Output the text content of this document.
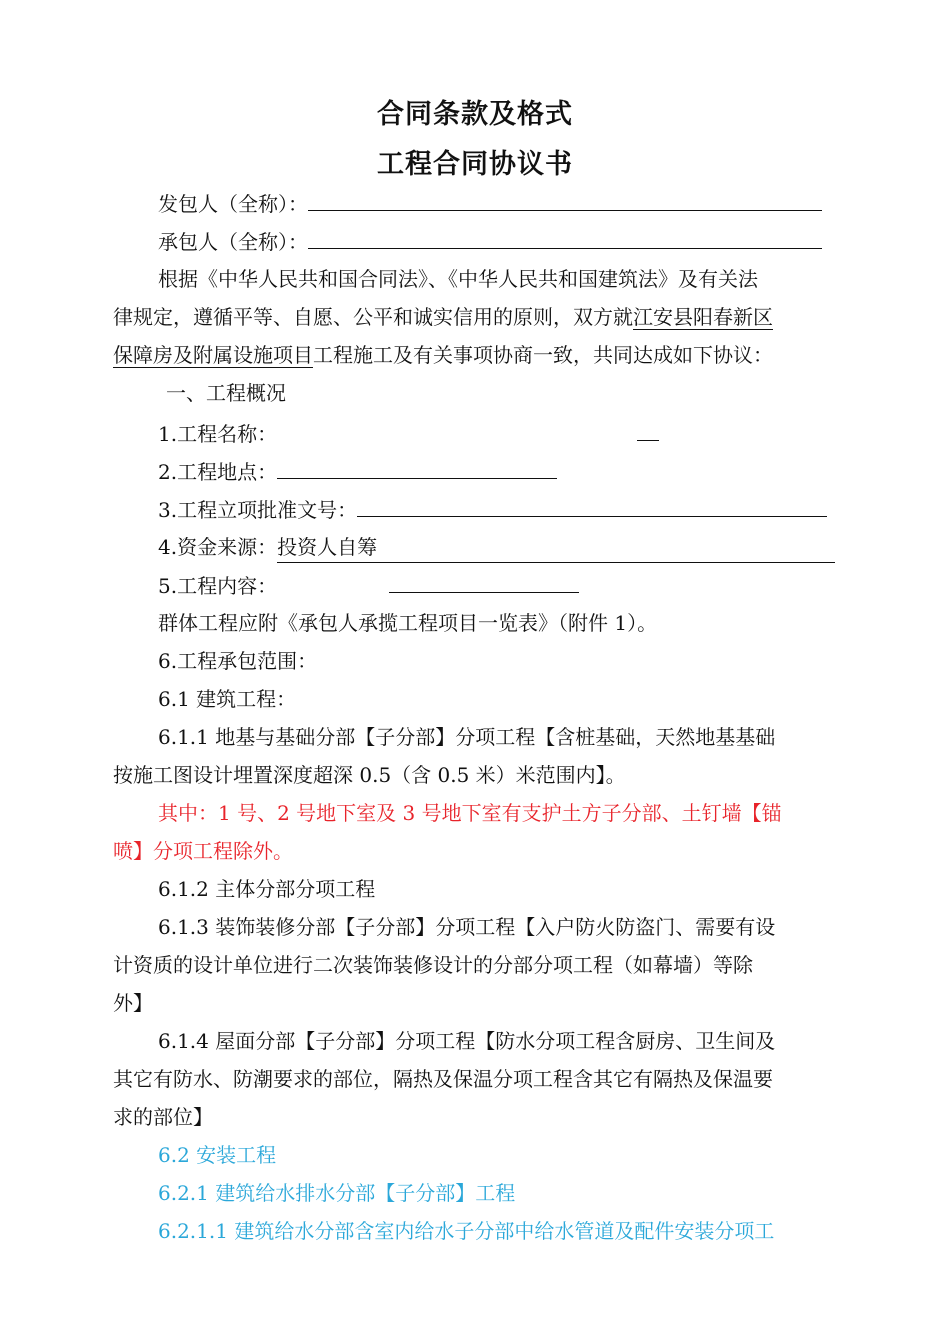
合同条款及格式
工程合同协议书
发包人（全称）：
承包人（全称）：
根据《中华人民共和国合同法》、《中华人民共和国建筑法》及有关法
律规定，遵循平等、自愿、公平和诚实信用的原则，双方就江安县阳春新区
保障房及附属设施项目工程施工及有关事项协商一致，共同达成如下协议：
一、工程概况
1.工程名称：
2.工程地点：
3.工程立项批准文号：
4.资金来源：投资人自筹
5.工程内容：
群体工程应附《承包人承揽工程项目一览表》（附件 1）。
6.工程承包范围：
6.1 建筑工程：
6.1.1 地基与基础分部【子分部】分项工程【含桩基础，天然地基基础
按施工图设计埋置深度超深 0.5（含 0.5 米）米范围内】。
其中：1 号、2 号地下室及 3 号地下室有支护土方子分部、土钉墙【锚
喷】分项工程除外。
6.1.2 主体分部分项工程
6.1.3 装饰装修分部【子分部】分项工程【入户防火防盗门、需要有设
计资质的设计单位进行二次装饰装修设计的分部分项工程（如幕墙）等除
外】
6.1.4 屋面分部【子分部】分项工程【防水分项工程含厨房、卫生间及
其它有防水、防潮要求的部位，隔热及保温分项工程含其它有隔热及保温要
求的部位】
6.2 安装工程
6.2.1 建筑给水排水分部【子分部】工程
6.2.1.1 建筑给水分部含室内给水子分部中给水管道及配件安装分项工
